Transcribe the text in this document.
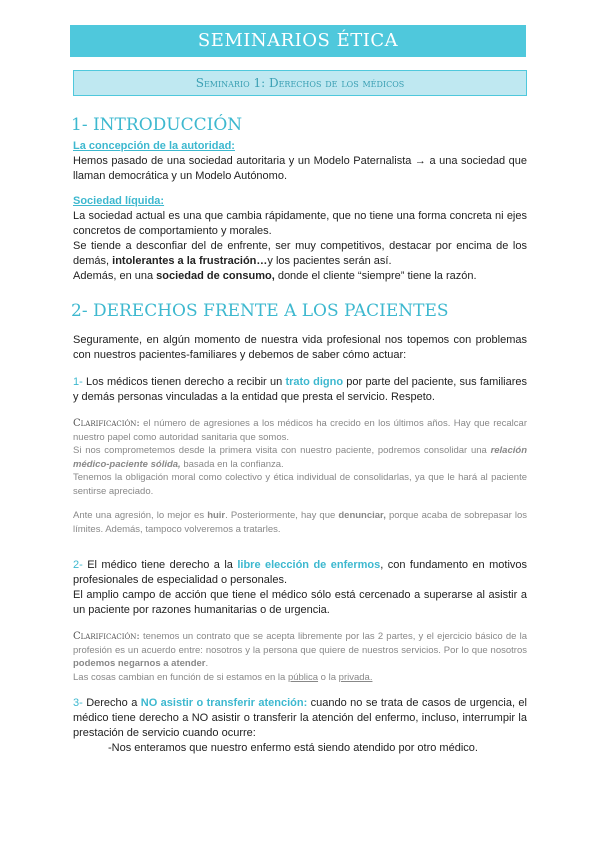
SEMINARIOS ÉTICA
Seminario 1: Derechos de los médicos
1- INTRODUCCIÓN
La concepción de la autoridad:

Hemos pasado de una sociedad autoritaria y un Modelo Paternalista → a una sociedad que llaman democrática y un Modelo Autónomo.

Sociedad líquida:

La sociedad actual es una que cambia rápidamente, que no tiene una forma concreta ni ejes concretos de comportamiento y morales.

Se tiende a desconfiar del de enfrente, ser muy competitivos, destacar por encima de los demás, intolerantes a la frustración…y los pacientes serán así.

Además, en una sociedad de consumo, donde el cliente “siempre” tiene la razón.

2- DERECHOS FRENTE A LOS PACIENTES

Seguramente, en algún momento de nuestra vida profesional nos topemos con problemas con nuestros pacientes-familiares y debemos de saber cómo actuar:

1- Los médicos tienen derecho a recibir un trato digno por parte del paciente, sus familiares y demás personas vinculadas a la entidad que presta el servicio. Respeto.

Clarificación: el número de agresiones a los médicos ha crecido en los últimos años. Hay que recalcar nuestro papel como autoridad sanitaria que somos.

Si nos comprometemos desde la primera visita con nuestro paciente, podremos consolidar una relación médico-paciente sólida, basada en la confianza.

Tenemos la obligación moral como colectivo y ética individual de consolidarlas, ya que le hará al paciente sentirse apreciado.

Ante una agresión, lo mejor es huir. Posteriormente, hay que denunciar, porque acaba de sobrepasar los límites. Además, tampoco volveremos a tratarles.

2- El médico tiene derecho a la libre elección de enfermos, con fundamento en motivos profesionales de especialidad o personales.

El amplio campo de acción que tiene el médico sólo está cercenado a superarse al asistir a un paciente por razones humanitarias o de urgencia.

Clarificación: tenemos un contrato que se acepta libremente por las 2 partes, y el ejercicio básico de la profesión es un acuerdo entre: nosotros y la persona que quiere de nuestros servicios. Por lo que nosotros podemos negarnos a atender.

Las cosas cambian en función de si estamos en la pública o la privada.

3- Derecho a NO asistir o transferir atención: cuando no se trata de casos de urgencia, el médico tiene derecho a NO asistir o transferir la atención del enfermo, incluso, interrumpir la prestación de servicio cuando ocurre:

-Nos enteramos que nuestro enfermo está siendo atendido por otro médico.
